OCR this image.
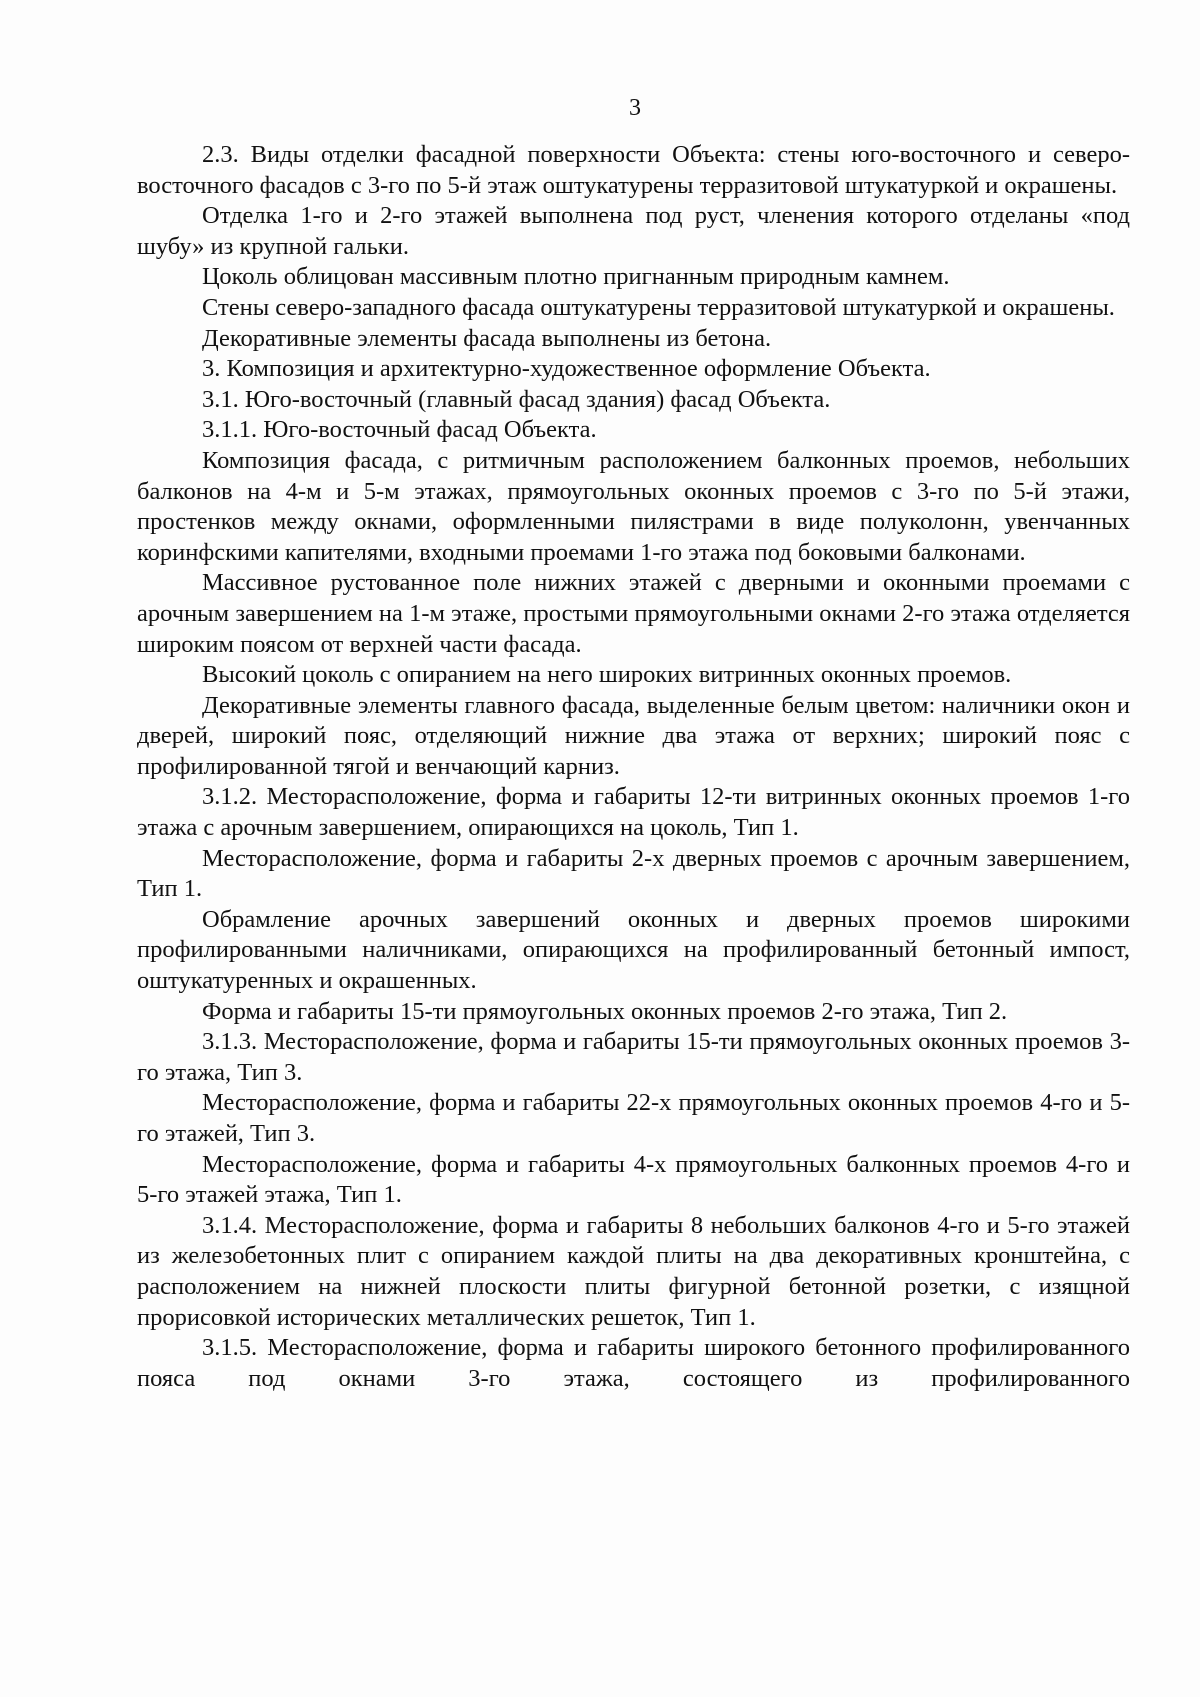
3

2.3. Виды отделки фасадной поверхности Объекта: стены юго-восточного и северо-восточного фасадов с 3-го по 5-й этаж оштукатурены терразитовой штукатуркой и окрашены.

Отделка 1-го и 2-го этажей выполнена под руст, членения которого отделаны «под шубу» из крупной гальки.

Цоколь облицован массивным плотно пригнанным природным камнем.

Стены северо-западного фасада оштукатурены терразитовой штукатуркой и окрашены.

Декоративные элементы фасада выполнены из бетона.

3. Композиция и архитектурно-художественное оформление Объекта.

3.1. Юго-восточный (главный фасад здания) фасад Объекта.

3.1.1. Юго-восточный фасад Объекта.

Композиция фасада, с ритмичным расположением балконных проемов, небольших балконов на 4-м и 5-м этажах, прямоугольных оконных проемов с 3-го по 5-й этажи, простенков между окнами, оформленными пилястрами в виде полуколонн, увенчанных коринфскими капителями, входными проемами 1-го этажа под боковыми балконами.

Массивное рустованное поле нижних этажей с дверными и оконными проемами с арочным завершением на 1-м этаже, простыми прямоугольными окнами 2-го этажа отделяется широким поясом от верхней части фасада.

Высокий цоколь с опиранием на него широких витринных оконных проемов.

Декоративные элементы главного фасада, выделенные белым цветом: наличники окон и дверей, широкий пояс, отделяющий нижние два этажа от верхних; широкий пояс с профилированной тягой и венчающий карниз.

3.1.2. Месторасположение, форма и габариты 12-ти витринных оконных проемов 1-го этажа с арочным завершением, опирающихся на цоколь, Тип 1.

Месторасположение, форма и габариты 2-х дверных проемов с арочным завершением, Тип 1.

Обрамление арочных завершений оконных и дверных проемов широкими профилированными наличниками, опирающихся на профилированный бетонный импост, оштукатуренных и окрашенных.

Форма и габариты 15-ти прямоугольных оконных проемов 2-го этажа, Тип 2.

3.1.3. Месторасположение, форма и габариты 15-ти прямоугольных оконных проемов 3-го этажа, Тип 3.

Месторасположение, форма и габариты 22-х прямоугольных оконных проемов 4-го и 5-го этажей, Тип 3.

Месторасположение, форма и габариты 4-х прямоугольных балконных проемов 4-го и 5-го этажей этажа, Тип 1.

3.1.4. Месторасположение, форма и габариты 8 небольших балконов 4-го и 5-го этажей из железобетонных плит с опиранием каждой плиты на два декоративных кронштейна, с расположением на нижней плоскости плиты фигурной бетонной розетки, с изящной прорисовкой исторических металлических решеток, Тип 1.

3.1.5. Месторасположение, форма и габариты широкого бетонного профилированного пояса под окнами 3-го этажа, состоящего из профилированного
